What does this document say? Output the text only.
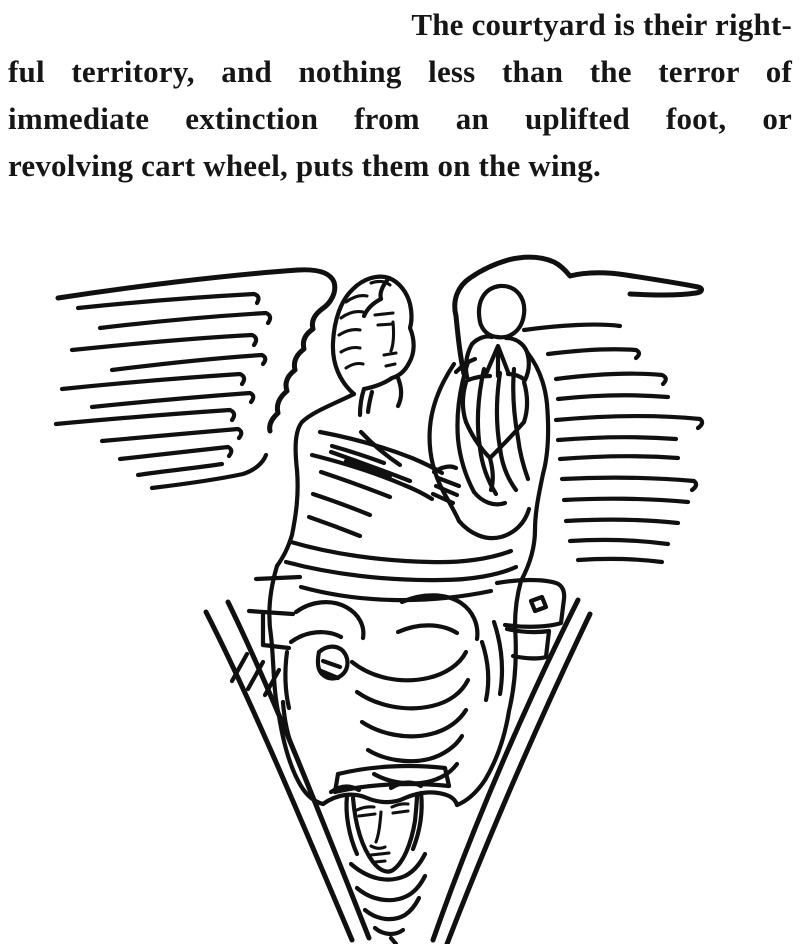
The courtyard is their right-
ful territory, and nothing less than the terror of
immediate extinction from an uplifted foot, or
revolving cart wheel, puts them on the wing.
